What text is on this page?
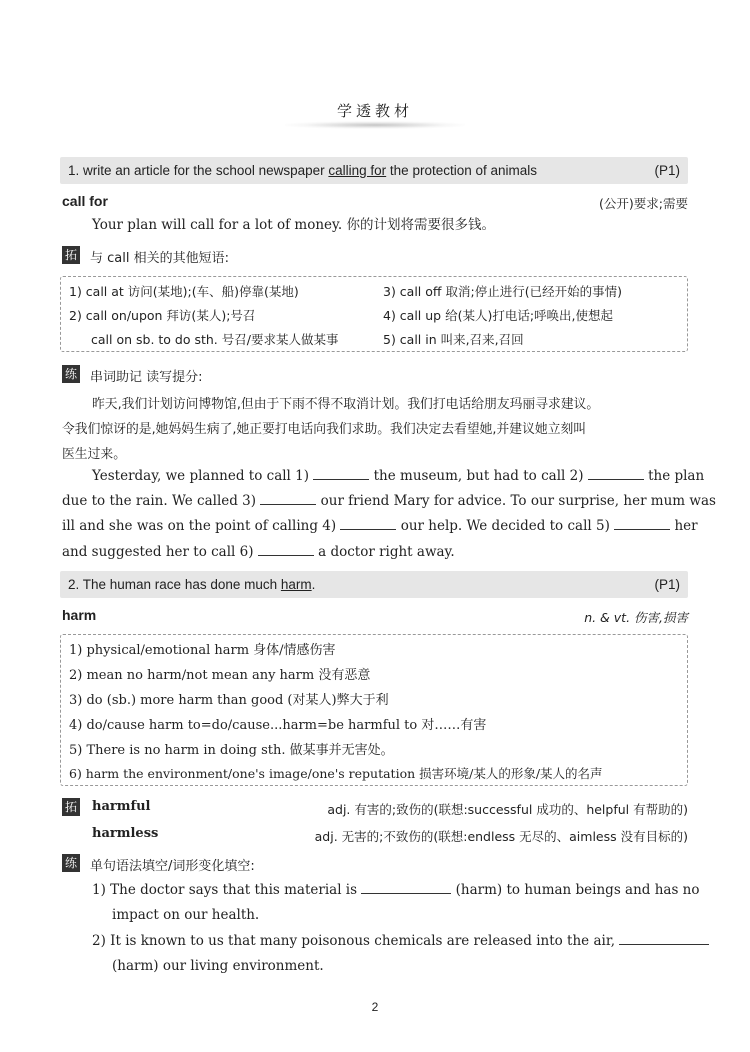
学透教材
1. write an article for the school newspaper calling for the protection of animals	(P1)
call for	(公开)要求;需要
Your plan will call for a lot of money. 你的计划将需要很多钱。
拓 与 call 相关的其他短语:
1) call at 访问(某地);(车、船)停靠(某地)	3) call off 取消;停止进行(已经开始的事情)
2) call on/upon 拜访(某人);号召	4) call up 给(某人)打电话;呼唤出,使想起
call on sb. to do sth. 号召/要求某人做某事	5) call in 叫来,召来,召回
练 串词助记 读写提分:
昨天,我们计划访问博物馆,但由于下雨不得不取消计划。我们打电话给朋友玛丽寻求建议。
令我们惊讶的是,她妈妈生病了,她正要打电话向我们求助。我们决定去看望她,并建议她立刻叫
医生过来。
Yesterday, we planned to call 1)	the museum, but had to call 2)	the plan
due to the rain. We called 3)	our friend Mary for advice. To our surprise, her mum was
ill and she was on the point of calling 4)	our help. We decided to call 5)	her
and suggested her to call 6)	a doctor right away.
2. The human race has done much harm.	(P1)
harm	n. & vt. 伤害,损害
1) physical/emotional harm 身体/情感伤害
2) mean no harm/not mean any harm 没有恶意
3) do (sb.) more harm than good (对某人)弊大于利
4) do/cause harm to=do/cause...harm=be harmful to 对……有害
5) There is no harm in doing sth. 做某事并无害处。
6) harm the environment/one's image/one's reputation 损害环境/某人的形象/某人的名声
拓 harmful	adj. 有害的;致伤的(联想:successful 成功的、helpful 有帮助的)
harmless	adj. 无害的;不致伤的(联想:endless 无尽的、aimless 没有目标的)
练 单句语法填空/词形变化填空:
1) The doctor says that this material is	(harm) to human beings and has no
impact on our health.
2) It is known to us that many poisonous chemicals are released into the air,
(harm) our living environment.
2
